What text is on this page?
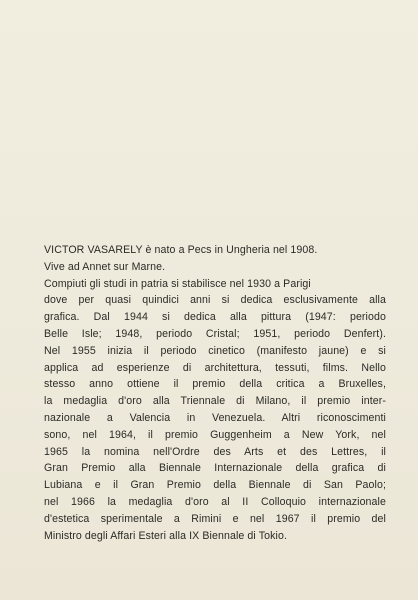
VICTOR VASARELY è nato a Pecs in Ungheria nel 1908.
Vive ad Annet sur Marne.
Compiuti gli studi in patria si stabilisce nel 1930 a Parigi
dove per quasi quindici anni si dedica esclusivamente alla
grafica. Dal 1944 si dedica alla pittura (1947: periodo
Belle Isle; 1948, periodo Cristal; 1951, periodo Denfert).
Nel 1955 inizia il periodo cinetico (manifesto jaune) e si
applica ad esperienze di architettura, tessuti, films. Nello
stesso anno ottiene il premio della critica a Bruxelles,
la medaglia d'oro alla Triennale di Milano, il premio inter-
nazionale a Valencia in Venezuela. Altri riconoscimenti
sono, nel 1964, il premio Guggenheim a New York, nel
1965 la nomina nell'Ordre des Arts et des Lettres, il
Gran Premio alla Biennale Internazionale della grafica di
Lubiana e il Gran Premio della Biennale di San Paolo;
nel 1966 la medaglia d'oro al II Colloquio internazionale
d'estetica sperimentale a Rimini e nel 1967 il premio del
Ministro degli Affari Esteri alla IX Biennale di Tokio.
